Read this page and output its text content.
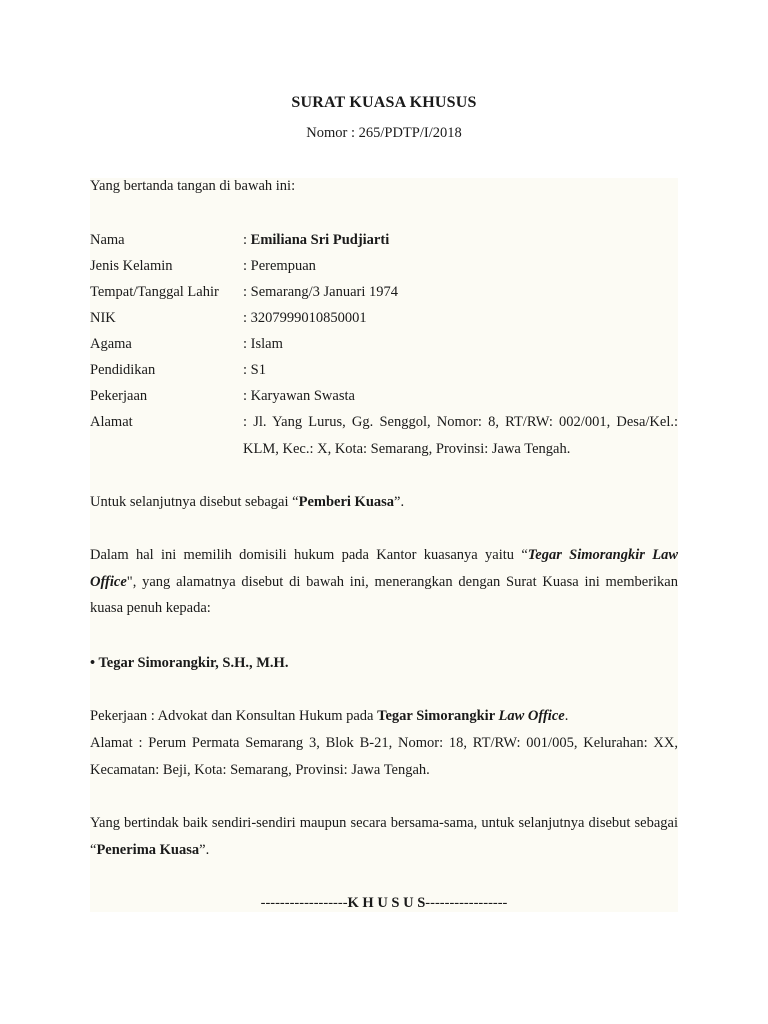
SURAT KUASA KHUSUS
Nomor : 265/PDTP/I/2018
Yang bertanda tangan di bawah ini:
Nama	: Emiliana Sri Pudjiarti
Jenis Kelamin	: Perempuan
Tempat/Tanggal Lahir	: Semarang/3 Januari 1974
NIK	: 3207999010850001
Agama	: Islam
Pendidikan	: S1
Pekerjaan	: Karyawan Swasta
Alamat	: Jl. Yang Lurus, Gg. Senggol, Nomor: 8, RT/RW: 002/001, Desa/Kel.: KLM, Kec.: X, Kota: Semarang, Provinsi: Jawa Tengah.
Untuk selanjutnya disebut sebagai “Pemberi Kuasa”.
Dalam hal ini memilih domisili hukum pada Kantor kuasanya yaitu “Tegar Simorangkir Law Office", yang alamatnya disebut di bawah ini, menerangkan dengan Surat Kuasa ini memberikan kuasa penuh kepada:
• Tegar Simorangkir, S.H., M.H.
Pekerjaan : Advokat dan Konsultan Hukum pada Tegar Simorangkir Law Office.
Alamat : Perum Permata Semarang 3, Blok B-21, Nomor: 18, RT/RW: 001/005, Kelurahan: XX, Kecamatan: Beji, Kota: Semarang, Provinsi: Jawa Tengah.
Yang bertindak baik sendiri-sendiri maupun secara bersama-sama, untuk selanjutnya disebut sebagai “Penerima Kuasa”.
------------------K H U S U S-----------------
